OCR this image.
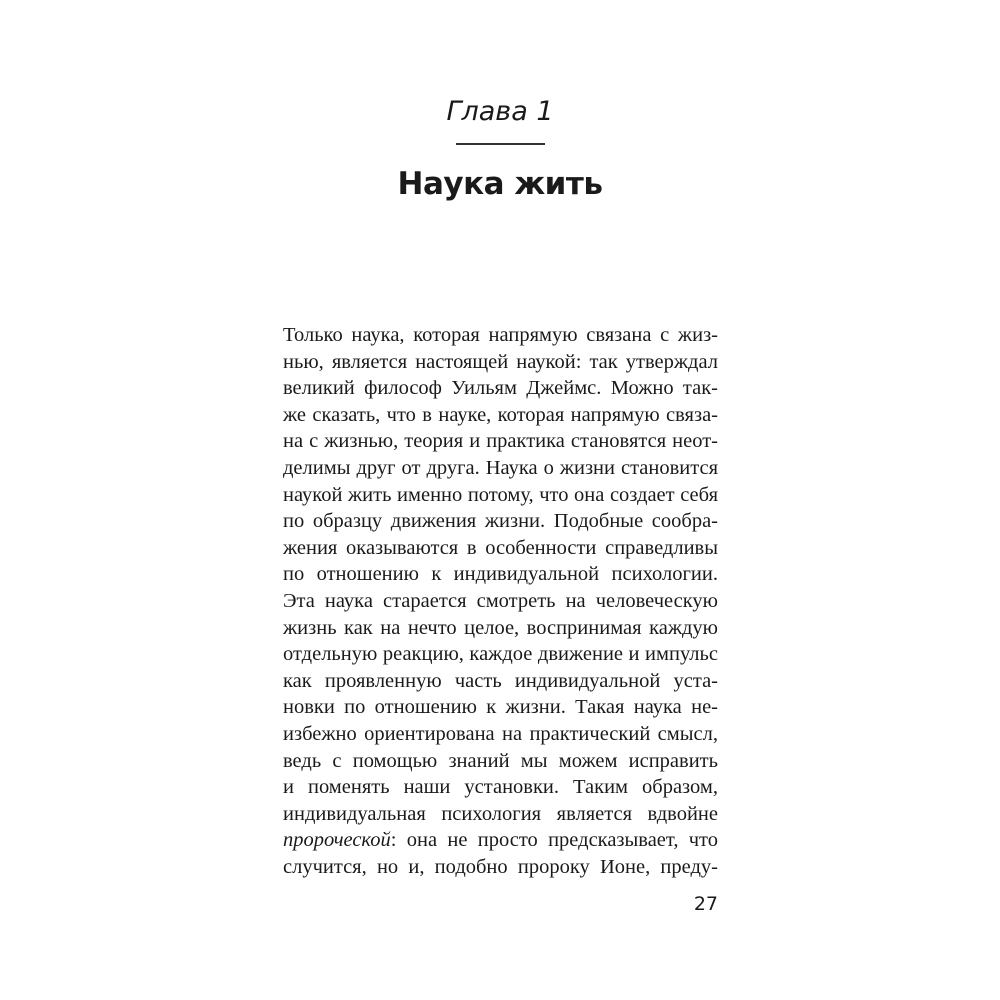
Глава 1
Наука жить
Только наука, которая напрямую связана с жиз-
нью, является настоящей наукой: так утверждал
великий философ Уильям Джеймс. Можно так-
же сказать, что в науке, которая напрямую связа-
на с жизнью, теория и практика становятся неот-
делимы друг от друга. Наука о жизни становится
наукой жить именно потому, что она создает себя
по образцу движения жизни. Подобные сообра-
жения оказываются в особенности справедливы
по отношению к индивидуальной психологии.
Эта наука старается смотреть на человеческую
жизнь как на нечто целое, воспринимая каждую
отдельную реакцию, каждое движение и импульс
как проявленную часть индивидуальной уста-
новки по отношению к жизни. Такая наука не-
избежно ориентирована на практический смысл,
ведь с помощью знаний мы можем исправить
и поменять наши установки. Таким образом,
индивидуальная психология является вдвойне
пророческой: она не просто предсказывает, что
случится, но и, подобно пророку Ионе, преду-
27
